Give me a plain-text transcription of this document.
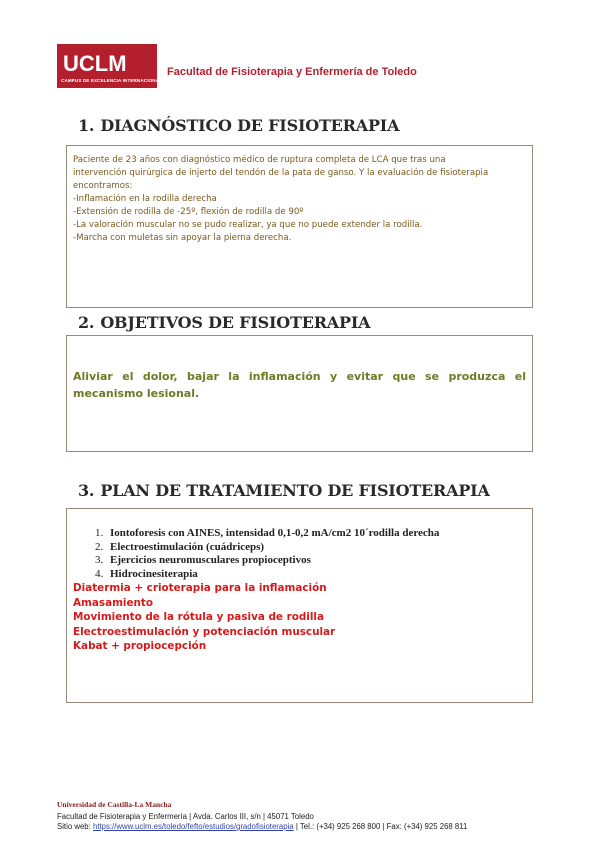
UCLM
CAMPUS DE EXCELENCIA INTERNACIONAL
Facultad de Fisioterapia y Enfermería de Toledo
1. DIAGNÓSTICO DE FISIOTERAPIA
Paciente de 23 años con diagnóstico médico de ruptura completa de LCA que tras una
intervención quirúrgica de injerto del tendón de la pata de ganso. Y la evaluación de fisioterapia
encontramos:
-Inflamación en la rodilla derecha
-Extensión de rodilla de -25º, flexión de rodilla de 90º
-La valoración muscular no se pudo realizar, ya que no puede extender la rodilla.
-Marcha con muletas sin apoyar la pierna derecha.
2. OBJETIVOS DE FISIOTERAPIA
Aliviar el dolor, bajar la inflamación y evitar que se produzca el mecanismo lesional.
3. PLAN DE TRATAMIENTO DE FISIOTERAPIA
1. Iontoforesis con AINES, intensidad 0,1-0,2 mA/cm2 10´rodilla derecha
2. Electroestimulación (cuádriceps)
3. Ejercicios neuromusculares propioceptivos
4. Hidrocinesiterapia
Diatermia + crioterapia para la inflamación
Amasamiento
Movimiento de la rótula y pasiva de rodilla
Electroestimulación y potenciación muscular
Kabat + propiocepción
Universidad de Castilla-La Mancha
Facultad de Fisioterapia y Enfermería | Avda. Carlos III, s/n | 45071 Toledo
Sitio web: https://www.uclm.es/toledo/fefto/estudios/gradofisioterapia | Tel.: (+34) 925 268 800 | Fax: (+34) 925 268 811
